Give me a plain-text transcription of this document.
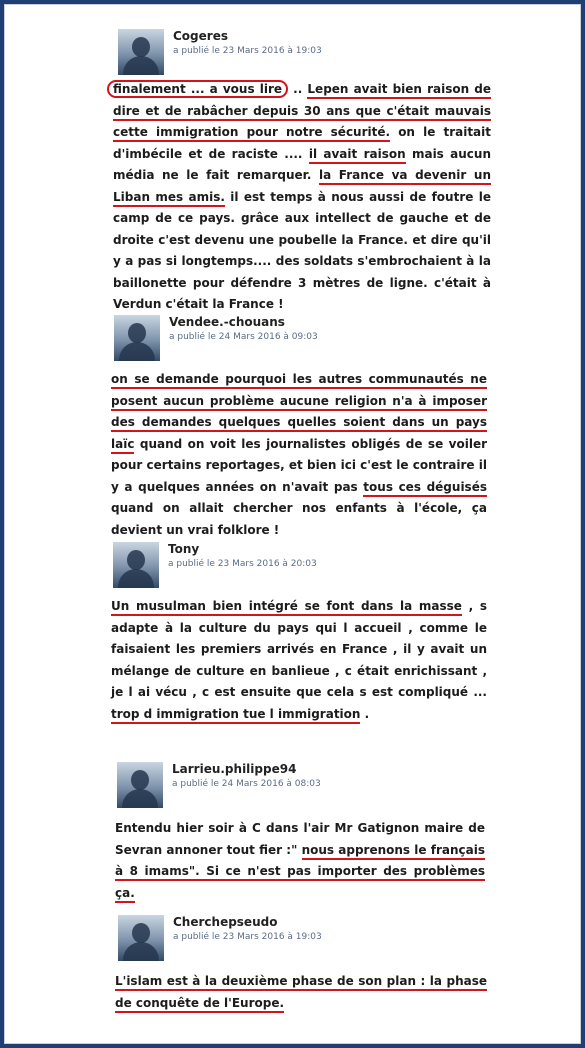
Cogeres
a publié le 23 Mars 2016 à 19:03
finalement ... a vous lire .. Lepen avait bien raison de dire et de rabâcher depuis 30 ans que c'était mauvais cette immigration pour notre sécurité. on le traitait d'imbécile et de raciste .... il avait raison mais aucun média ne le fait remarquer. la France va devenir un Liban mes amis. il est temps à nous aussi de foutre le camp de ce pays. grâce aux intellect de gauche et de droite c'est devenu une poubelle la France. et dire qu'il y a pas si longtemps.... des soldats s'embrochaient à la baillonette pour défendre 3 mètres de ligne. c'était à Verdun c'était la France !
Vendee.-chouans
a publié le 24 Mars 2016 à 09:03
on se demande pourquoi les autres communautés ne posent aucun problème aucune religion n'a à imposer des demandes quelques quelles soient dans un pays laïc quand on voit les journalistes obligés de se voiler pour certains reportages, et bien ici c'est le contraire il y a quelques années on n'avait pas tous ces déguisés quand on allait chercher nos enfants à l'école, ça devient un vrai folklore !
Tony
a publié le 23 Mars 2016 à 20:03
Un musulman bien intégré se font dans la masse , s adapte à la culture du pays qui l accueil , comme le faisaient les premiers arrivés en France , il y avait un mélange de culture en banlieue , c était enrichissant , je l ai vécu , c est ensuite que cela s est compliqué ... trop d immigration tue l immigration .
Larrieu.philippe94
a publié le 24 Mars 2016 à 08:03
Entendu hier soir à C dans l'air Mr Gatignon maire de Sevran annoner tout fier :" nous apprenons le français à 8 imams". Si ce n'est pas importer des problèmes ça.
Cherchepseudo
a publié le 23 Mars 2016 à 19:03
L'islam est à la deuxième phase de son plan : la phase de conquête de l'Europe.
